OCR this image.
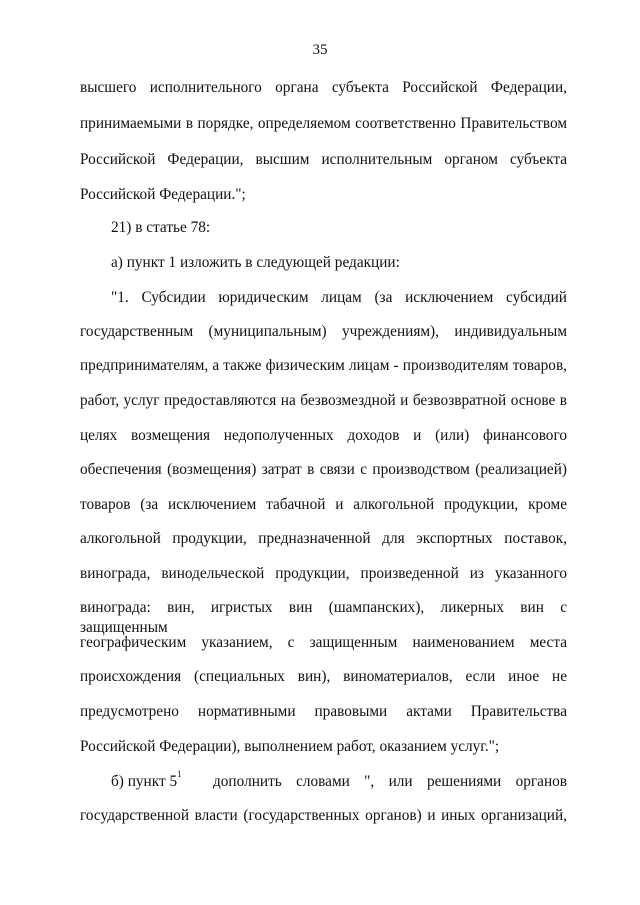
35
высшего исполнительного органа субъекта Российской Федерации,
принимаемыми в порядке, определяемом соответственно Правительством
Российской Федерации, высшим исполнительным органом субъекта
Российской Федерации.";
21) в статье 78:
а) пункт 1 изложить в следующей редакции:
"1. Субсидии юридическим лицам (за исключением субсидий
государственным (муниципальным) учреждениям), индивидуальным
предпринимателям, а также физическим лицам - производителям товаров,
работ, услуг предоставляются на безвозмездной и безвозвратной основе в
целях возмещения недополученных доходов и (или) финансового
обеспечения (возмещения) затрат в связи с производством (реализацией)
товаров (за исключением табачной и алкогольной продукции, кроме
алкогольной продукции, предназначенной для экспортных поставок,
винограда, винодельческой продукции, произведенной из указанного
винограда: вин, игристых вин (шампанских), ликерных вин с защищенным
географическим указанием, с защищенным наименованием места
происхождения (специальных вин), виноматериалов, если иное не
предусмотрено нормативными правовыми актами Правительства
Российской Федерации), выполнением работ, оказанием услуг.";
б) пункт $5^1$	дополнить словами ", или решениями органов
государственной власти (государственных органов) и иных организаций,
